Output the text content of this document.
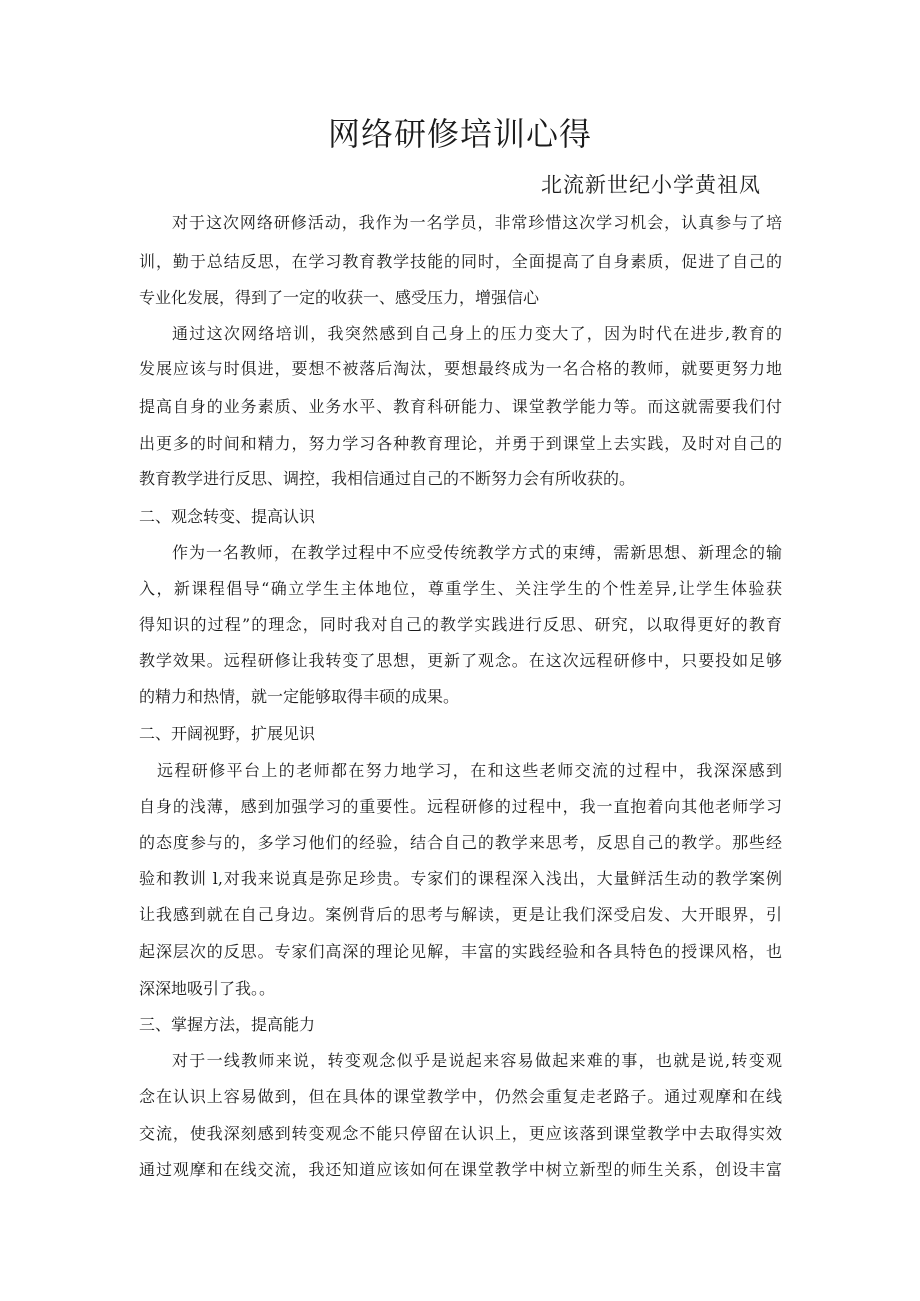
网络研修培训心得
北流新世纪小学黄祖凤
对于这次网络研修活动，我作为一名学员，非常珍惜这次学习机会，认真参与了培
训，勤于总结反思，在学习教育教学技能的同时，全面提高了自身素质，促进了自己的
专业化发展，得到了一定的收获一、感受压力，增强信心
通过这次网络培训，我突然感到自己身上的压力变大了，因为时代在进步,教育的
发展应该与时俱进，要想不被落后淘汰，要想最终成为一名合格的教师，就要更努力地
提高自身的业务素质、业务水平、教育科研能力、课堂教学能力等。而这就需要我们付
出更多的时间和精力，努力学习各种教育理论，并勇于到课堂上去实践，及时对自己的
教育教学进行反思、调控，我相信通过自己的不断努力会有所收获的。
二、观念转变、提高认识
作为一名教师，在教学过程中不应受传统教学方式的束缚，需新思想、新理念的输
入，新课程倡导“确立学生主体地位，尊重学生、关注学生的个性差异,让学生体验获
得知识的过程”的理念，同时我对自己的教学实践进行反思、研究，以取得更好的教育
教学效果。远程研修让我转变了思想，更新了观念。在这次远程研修中，只要投如足够
的精力和热情，就一定能够取得丰硕的成果。
二、开阔视野，扩展见识
远程研修平台上的老师都在努力地学习，在和这些老师交流的过程中，我深深感到
自身的浅薄，感到加强学习的重要性。远程研修的过程中，我一直抱着向其他老师学习
的态度参与的，多学习他们的经验，结合自己的教学来思考，反思自己的教学。那些经
验和教训 l,对我来说真是弥足珍贵。专家们的课程深入浅出，大量鲜活生动的教学案例
让我感到就在自己身边。案例背后的思考与解读，更是让我们深受启发、大开眼界，引
起深层次的反思。专家们高深的理论见解，丰富的实践经验和各具特色的授课风格，也
深深地吸引了我。。
三、掌握方法，提高能力
对于一线教师来说，转变观念似乎是说起来容易做起来难的事，也就是说,转变观
念在认识上容易做到，但在具体的课堂教学中，仍然会重复走老路子。通过观摩和在线
交流，使我深刻感到转变观念不能只停留在认识上，更应该落到课堂教学中去取得实效
通过观摩和在线交流，我还知道应该如何在课堂教学中树立新型的师生关系，创设丰富
